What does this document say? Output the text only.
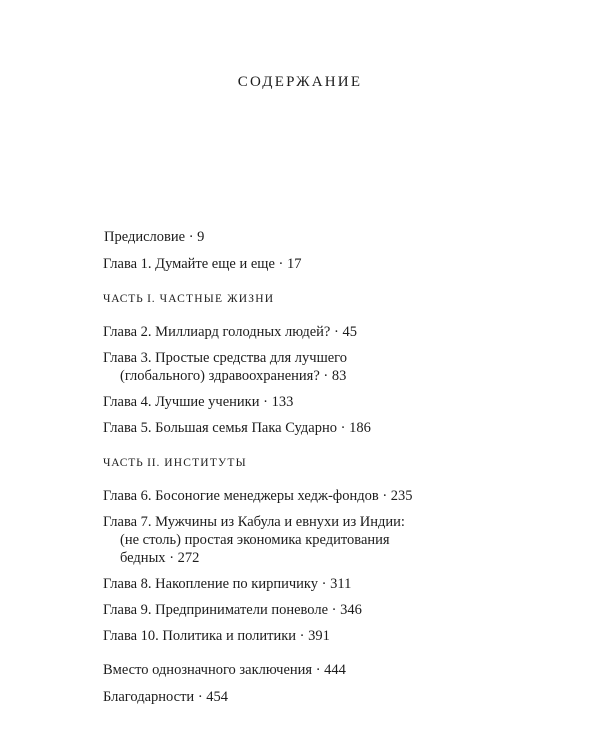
СОДЕРЖАНИЕ
Предисловие · 9
Глава 1. Думайте еще и еще · 17
ЧАСТЬ I. ЧАСТНЫЕ ЖИЗНИ
Глава 2. Миллиард голодных людей? · 45
Глава 3. Простые средства для лучшего
(глобального) здравоохранения? · 83
Глава 4. Лучшие ученики · 133
Глава 5. Большая семья Пака Сударно · 186
ЧАСТЬ II. ИНСТИТУТЫ
Глава 6. Босоногие менеджеры хедж-фондов · 235
Глава 7. Мужчины из Кабула и евнухи из Индии:
(не столь) простая экономика кредитования
бедных · 272
Глава 8. Накопление по кирпичику · 311
Глава 9. Предприниматели поневоле · 346
Глава 10. Политика и политики · 391
Вместо однозначного заключения · 444
Благодарности · 454
